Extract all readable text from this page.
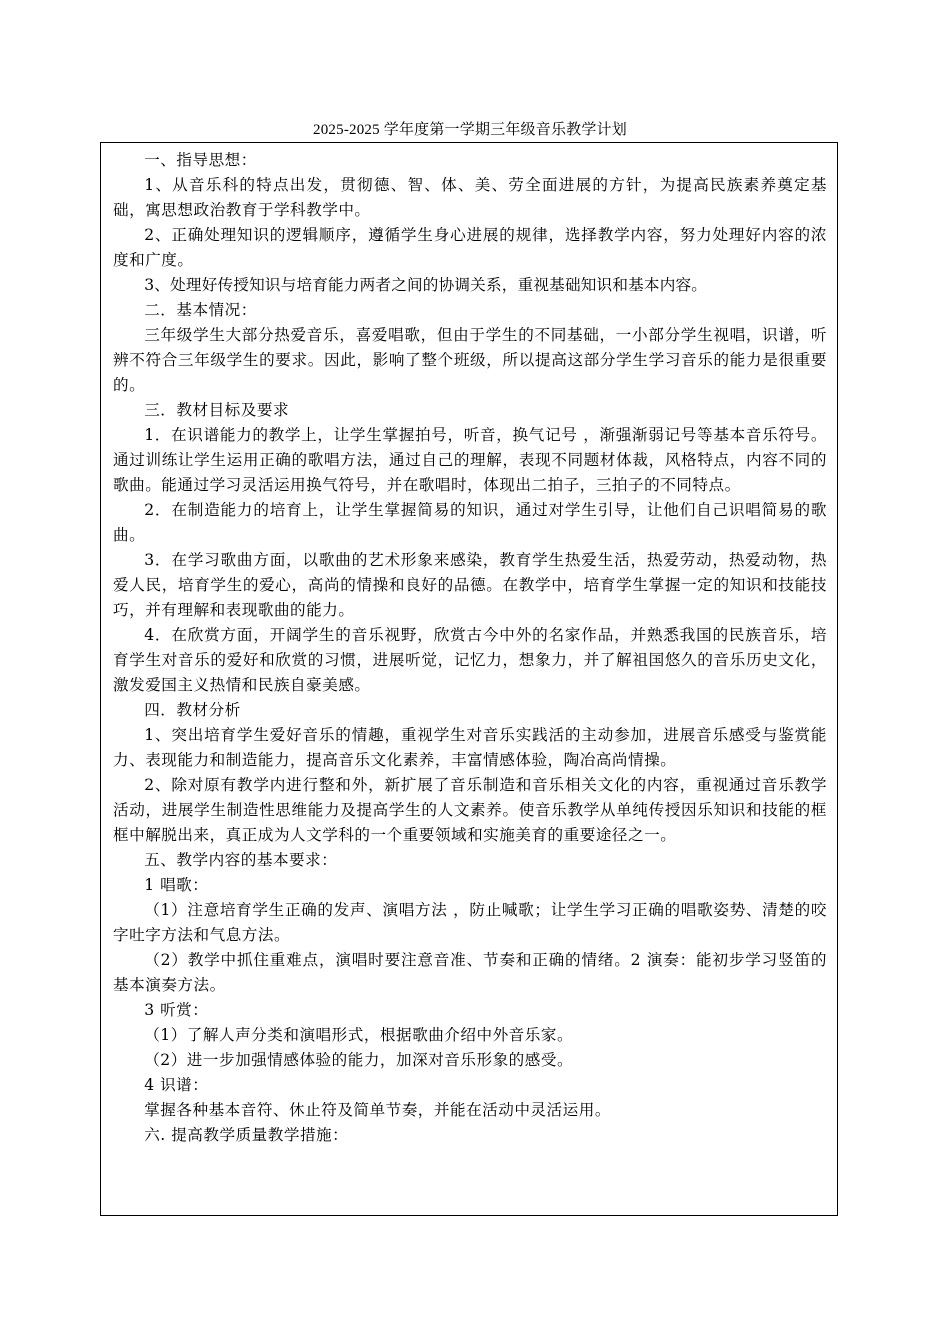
2025-2025 学年度第一学期三年级音乐教学计划

一、指导思想：

1、从音乐科的特点出发，贯彻德、智、体、美、劳全面进展的方针，为提高民族素养奠定基础，寓思想政治教育于学科教学中。

2、正确处理知识的逻辑顺序，遵循学生身心进展的规律，选择教学内容，努力处理好内容的浓度和广度。

3、处理好传授知识与培育能力两者之间的协调关系，重视基础知识和基本内容。

二．基本情况：

三年级学生大部分热爱音乐，喜爱唱歌，但由于学生的不同基础，一小部分学生视唱，识谱，听辨不符合三年级学生的要求。因此，影响了整个班级，所以提高这部分学生学习音乐的能力是很重要的。

三．教材目标及要求

1．在识谱能力的教学上，让学生掌握拍号，听音，换气记号 ，渐强渐弱记号等基本音乐符号。通过训练让学生运用正确的歌唱方法，通过自己的理解，表现不同题材体裁，风格特点，内容不同的歌曲。能通过学习灵活运用换气符号，并在歌唱时，体现出二拍子，三拍子的不同特点。

2．在制造能力的培育上，让学生掌握简易的知识，通过对学生引导，让他们自己识唱简易的歌曲。

3．在学习歌曲方面，以歌曲的艺术形象来感染，教育学生热爱生活，热爱劳动，热爱动物，热爱人民，培育学生的爱心，高尚的情操和良好的品德。在教学中，培育学生掌握一定的知识和技能技巧，并有理解和表现歌曲的能力。

4．在欣赏方面，开阔学生的音乐视野，欣赏古今中外的名家作品，并熟悉我国的民族音乐，培育学生对音乐的爱好和欣赏的习惯，进展听觉，记忆力，想象力，并了解祖国悠久的音乐历史文化，激发爱国主义热情和民族自豪美感。

四．教材分析

1、突出培育学生爱好音乐的情趣，重视学生对音乐实践活的主动参加，进展音乐感受与鉴赏能力、表现能力和制造能力，提高音乐文化素养，丰富情感体验，陶冶高尚情操。

2、除对原有教学内进行整和外，新扩展了音乐制造和音乐相关文化的内容，重视通过音乐教学活动，进展学生制造性思维能力及提高学生的人文素养。使音乐教学从单纯传授因乐知识和技能的框框中解脱出来，真正成为人文学科的一个重要领域和实施美育的重要途径之一。

五、教学内容的基本要求：

1 唱歌：

（1）注意培育学生正确的发声、演唱方法 ，防止喊歌；让学生学习正确的唱歌姿势、清楚的咬字吐字方法和气息方法。

（2）教学中抓住重难点，演唱时要注意音准、节奏和正确的情绪。2 演奏：能初步学习竖笛的基本演奏方法。

3 听赏：

（1）了解人声分类和演唱形式，根据歌曲介绍中外音乐家。

（2）进一步加强情感体验的能力，加深对音乐形象的感受。

4 识谱：

掌握各种基本音符、休止符及简单节奏，并能在活动中灵活运用。

六. 提高教学质量教学措施：
